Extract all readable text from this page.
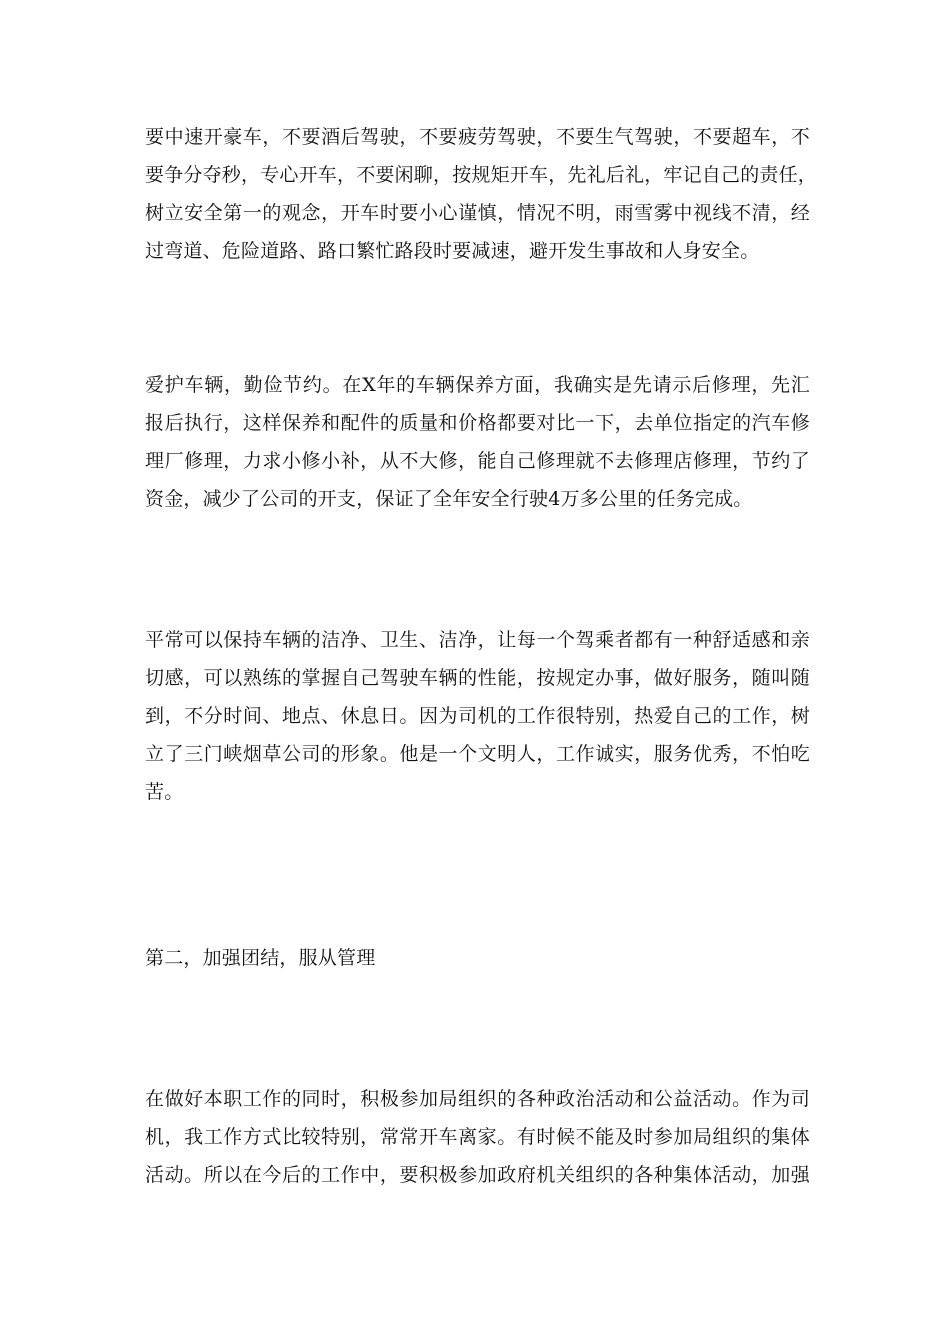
要中速开豪车，不要酒后驾驶，不要疲劳驾驶，不要生气驾驶，不要超车，不
要争分夺秒，专心开车，不要闲聊，按规矩开车，先礼后礼，牢记自己的责任，
树立安全第一的观念，开车时要小心谨慎，情况不明，雨雪雾中视线不清，经
过弯道、危险道路、路口繁忙路段时要减速，避开发生事故和人身安全。
爱护车辆，勤俭节约。在X年的车辆保养方面，我确实是先请示后修理，先汇
报后执行，这样保养和配件的质量和价格都要对比一下，去单位指定的汽车修
理厂修理，力求小修小补，从不大修，能自己修理就不去修理店修理，节约了
资金，减少了公司的开支，保证了全年安全行驶4万多公里的任务完成。
平常可以保持车辆的洁净、卫生、洁净，让每一个驾乘者都有一种舒适感和亲
切感，可以熟练的掌握自己驾驶车辆的性能，按规定办事，做好服务，随叫随
到，不分时间、地点、休息日。因为司机的工作很特别，热爱自己的工作，树
立了三门峡烟草公司的形象。他是一个文明人，工作诚实，服务优秀，不怕吃
苦。
第二，加强团结，服从管理
在做好本职工作的同时，积极参加局组织的各种政治活动和公益活动。作为司
机，我工作方式比较特别，常常开车离家。有时候不能及时参加局组织的集体
活动。所以在今后的工作中，要积极参加政府机关组织的各种集体活动，加强
